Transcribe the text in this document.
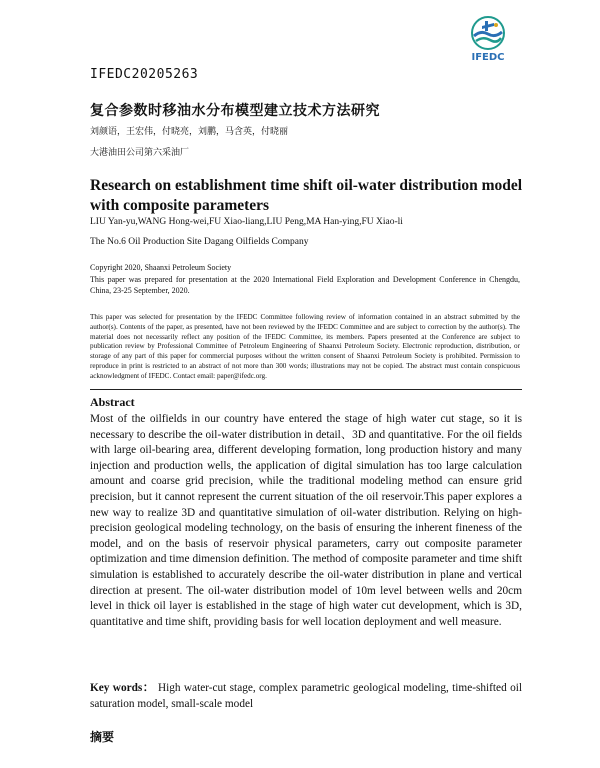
IFEDC
IFEDC20205263
复合参数时移油水分布模型建立技术方法研究
刘颜语，王宏伟，付晓亮，刘鹏，马含英，付晓丽
大港油田公司第六采油厂
Research on establishment time shift oil-water distribution model with composite parameters
LIU Yan-yu,WANG Hong-wei,FU Xiao-liang,LIU Peng,MA Han-ying,FU Xiao-li
The No.6 Oil Production Site Dagang Oilfields Company
Copyright 2020, Shaanxi Petroleum Society
This paper was prepared for presentation at the 2020 International Field Exploration and Development Conference in Chengdu, China, 23-25 September, 2020.
This paper was selected for presentation by the IFEDC Committee following review of information contained in an abstract submitted by the author(s). Contents of the paper, as presented, have not been reviewed by the IFEDC Committee and are subject to correction by the author(s). The material does not necessarily reflect any position of the IFEDC Committee, its members. Papers presented at the Conference are subject to publication review by Professional Committee of Petroleum Engineering of Shaanxi Petroleum Society. Electronic reproduction, distribution, or storage of any part of this paper for commercial purposes without the written consent of Shaanxi Petroleum Society is prohibited. Permission to reproduce in print is restricted to an abstract of not more than 300 words; illustrations may not be copied. The abstract must contain conspicuous acknowledgment of IFEDC. Contact email: paper@ifedc.org.
Abstract
Most of the oilfields in our country have entered the stage of high water cut stage, so it is necessary to describe the oil-water distribution in detail、3D and quantitative. For the oil fields with large oil-bearing area, different developing formation, long production history and many injection and production wells, the application of digital simulation has too large calculation amount and coarse grid precision, while the traditional modeling method can ensure grid precision, but it cannot represent the current situation of the oil reservoir.This paper explores a new way to realize 3D and quantitative simulation of oil-water distribution. Relying on high-precision geological modeling technology, on the basis of ensuring the inherent fineness of the model, and on the basis of reservoir physical parameters, carry out composite parameter optimization and time dimension definition. The method of composite parameter and time shift simulation is established to accurately describe the oil-water distribution in plane and vertical direction at present. The oil-water distribution model of 10m level between wells and 20cm level in thick oil layer is established in the stage of high water cut development, which is 3D, quantitative and time shift, providing basis for well location deployment and well measure.
Key words： High water-cut stage, complex parametric geological modeling, time-shifted oil saturation model, small-scale model
摘要
